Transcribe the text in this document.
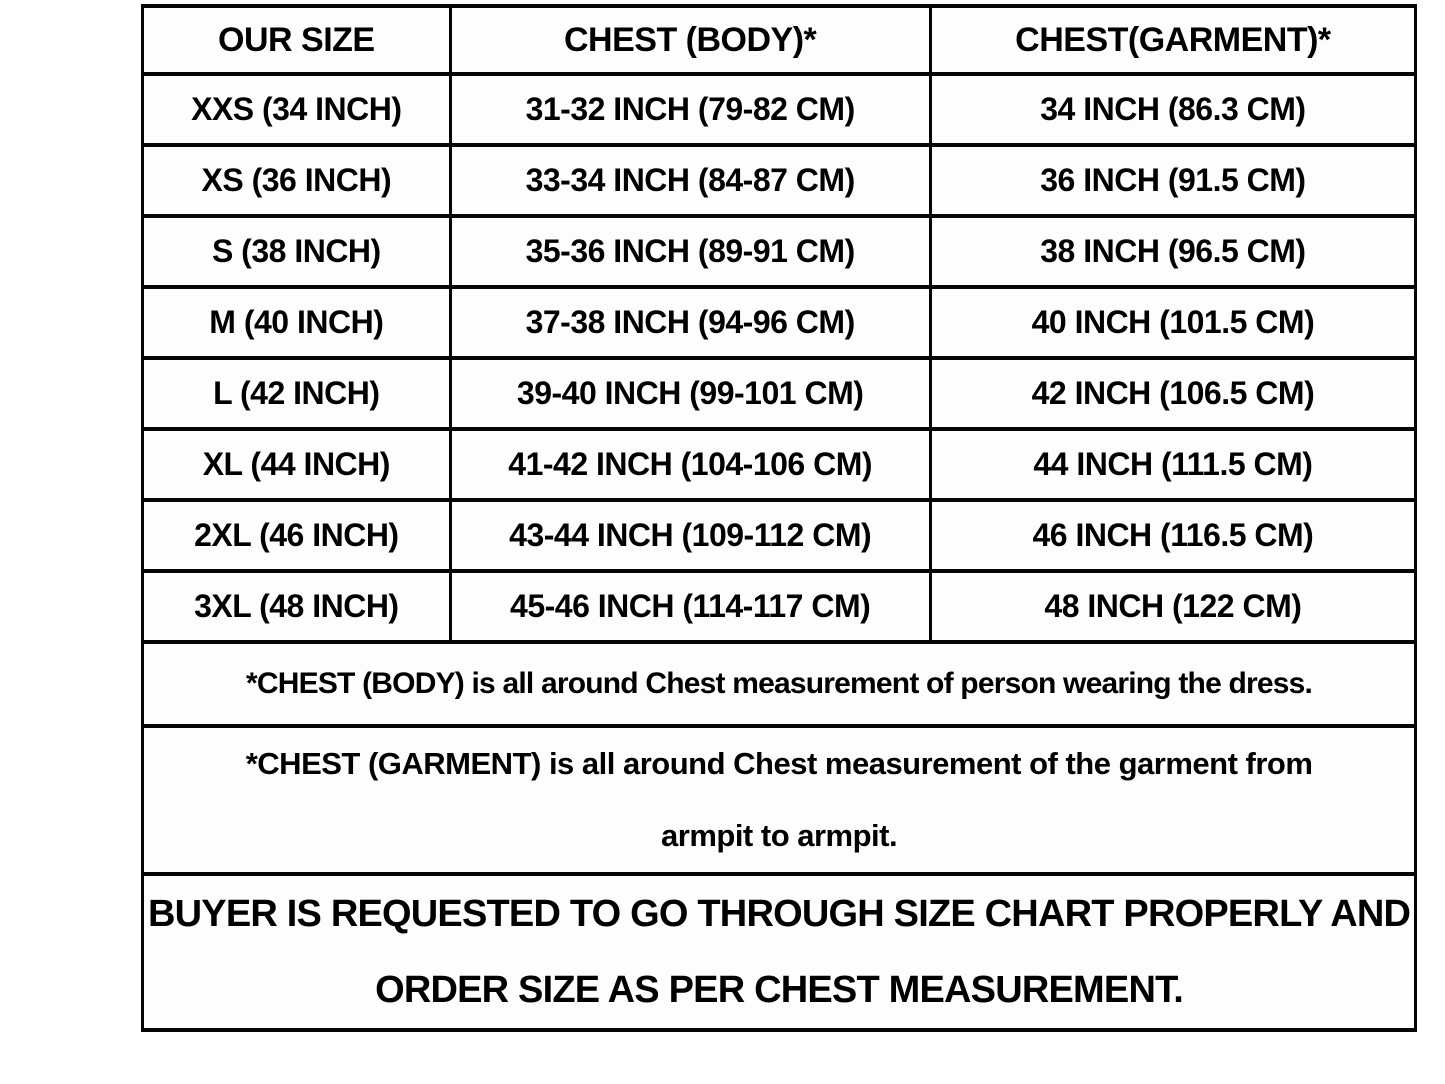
OUR SIZE	CHEST (BODY)*	CHEST(GARMENT)*
XXS (34 INCH)	31-32 INCH (79-82 CM)	34 INCH (86.3 CM)
XS (36 INCH)	33-34 INCH (84-87 CM)	36 INCH (91.5 CM)
S (38 INCH)	35-36 INCH (89-91 CM)	38 INCH (96.5 CM)
M (40 INCH)	37-38 INCH (94-96 CM)	40 INCH (101.5 CM)
L (42 INCH)	39-40 INCH (99-101 CM)	42 INCH (106.5 CM)
XL (44 INCH)	41-42 INCH (104-106 CM)	44 INCH (111.5 CM)
2XL (46 INCH)	43-44 INCH (109-112 CM)	46 INCH (116.5 CM)
3XL (48 INCH)	45-46 INCH (114-117 CM)	48 INCH (122 CM)
*CHEST (BODY) is all around Chest measurement of person wearing the dress.		

*CHEST (GARMENT) is all around Chest measurement of the garment from
armpit to armpit.		

BUYER IS REQUESTED TO GO THROUGH SIZE CHART PROPERLY AND
ORDER SIZE AS PER CHEST MEASUREMENT.		
